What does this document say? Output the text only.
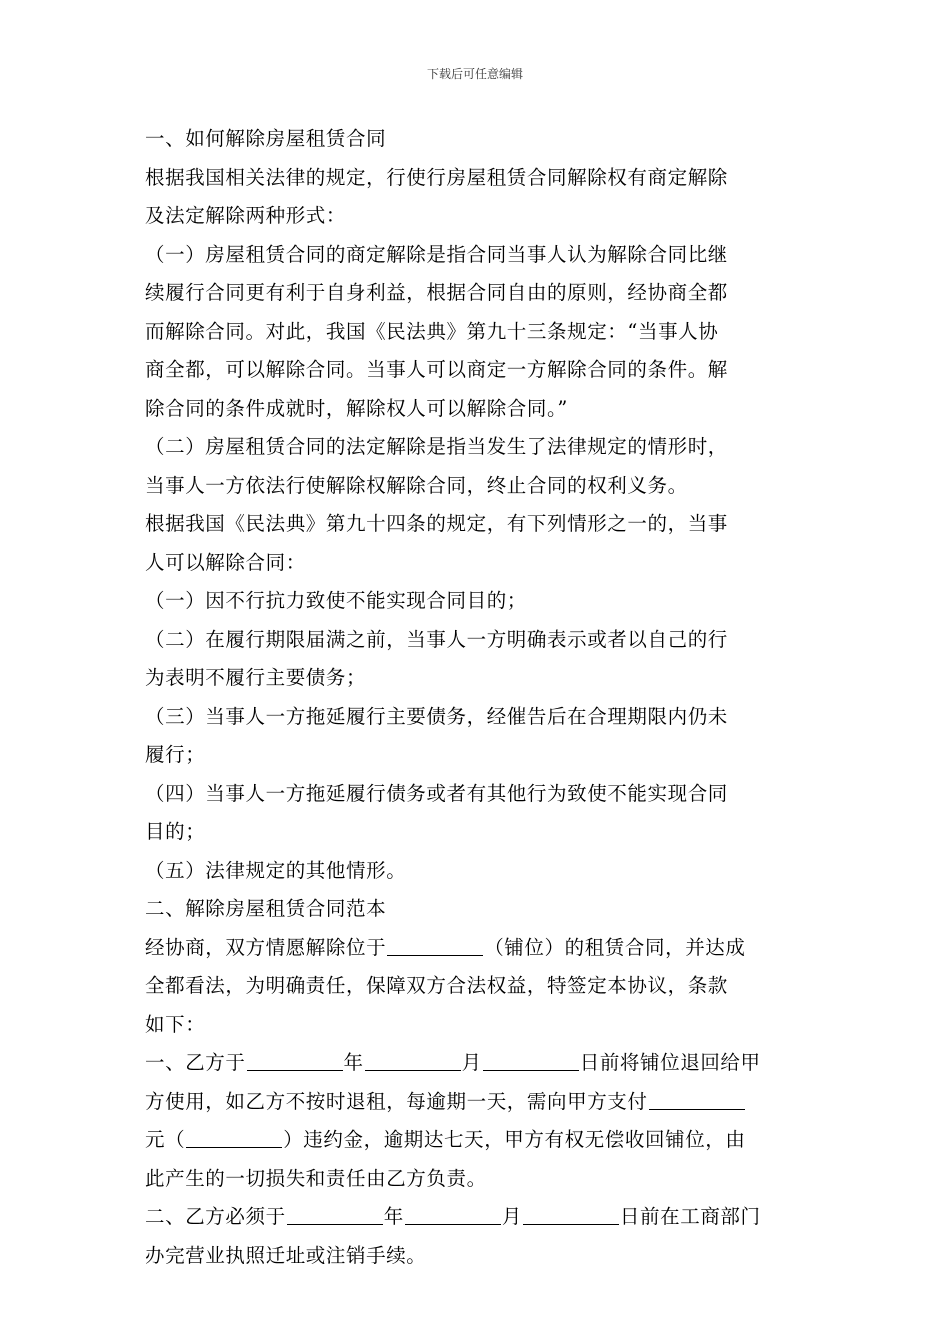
下载后可任意编辑
一、如何解除房屋租赁合同
根据我国相关法律的规定，行使行房屋租赁合同解除权有商定解除
及法定解除两种形式：
（一）房屋租赁合同的商定解除是指合同当事人认为解除合同比继
续履行合同更有利于自身利益，根据合同自由的原则，经协商全都
而解除合同。对此，我国《民法典》第九十三条规定：“当事人协
商全都，可以解除合同。当事人可以商定一方解除合同的条件。解
除合同的条件成就时，解除权人可以解除合同。”
（二）房屋租赁合同的法定解除是指当发生了法律规定的情形时，
当事人一方依法行使解除权解除合同，终止合同的权利义务。
根据我国《民法典》第九十四条的规定，有下列情形之一的，当事
人可以解除合同：
（一）因不行抗力致使不能实现合同目的；
（二）在履行期限届满之前，当事人一方明确表示或者以自己的行
为表明不履行主要债务；
（三）当事人一方拖延履行主要债务，经催告后在合理期限内仍未
履行；
（四）当事人一方拖延履行债务或者有其他行为致使不能实现合同
目的；
（五）法律规定的其他情形。
二、解除房屋租赁合同范本
经协商，双方情愿解除位于	（铺位）的租赁合同，并达成
全都看法，为明确责任，保障双方合法权益，特签定本协议，条款
如下：
一、乙方于	年	月	日前将铺位退回给甲
方使用，如乙方不按时退租，每逾期一天，需向甲方支付
元（	）违约金，逾期达七天，甲方有权无偿收回铺位，由
此产生的一切损失和责任由乙方负责。
二、乙方必须于	年	月	日前在工商部门
办完营业执照迁址或注销手续。
